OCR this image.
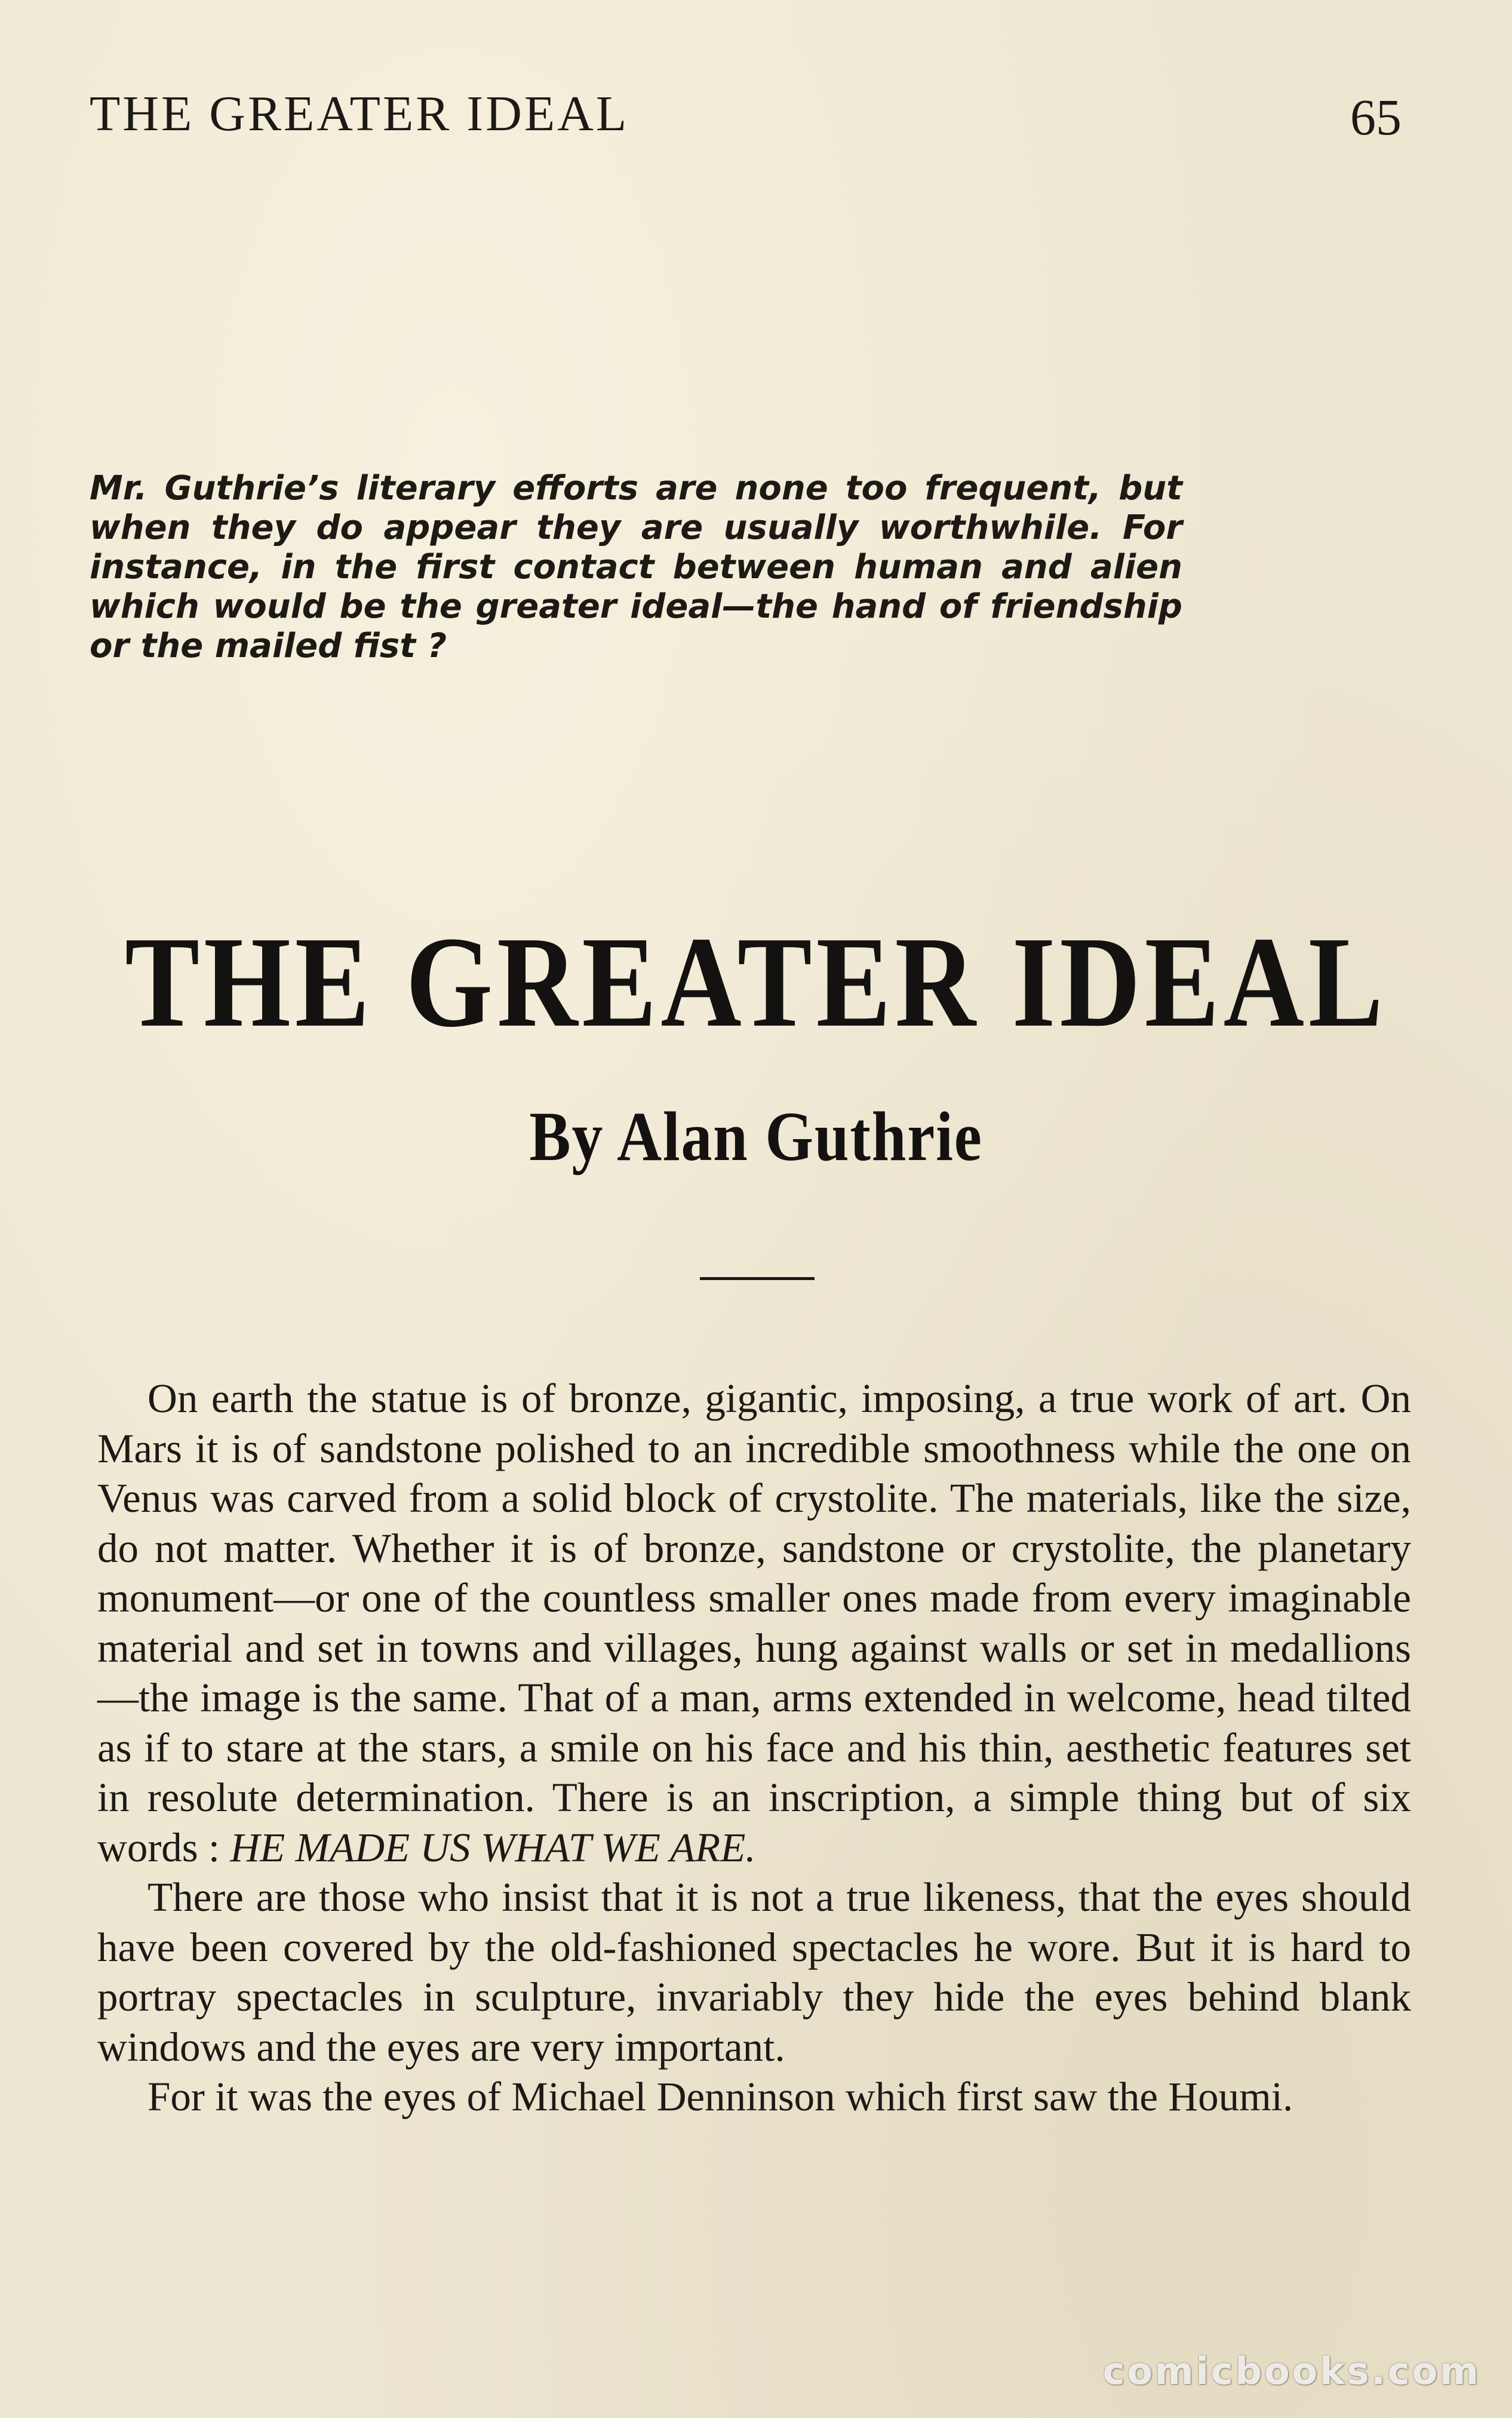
THE GREATER IDEAL	65
Mr. Guthrie’s literary efforts are none too frequent, but when they do appear they are usually worthwhile. For instance, in the first contact between human and alien which would be the greater ideal—the hand of friendship or the mailed fist ?
THE GREATER IDEAL
By Alan Guthrie

On earth the statue is of bronze, gigantic, imposing, a true work of art. On Mars it is of sandstone polished to an incredible smoothness while the one on Venus was carved from a solid block of crystolite. The materials, like the size, do not matter. Whether it is of bronze, sandstone or crystolite, the planetary monument—or one of the countless smaller ones made from every imaginable material and set in towns and villages, hung against walls or set in medallions—the image is the same. That of a man, arms extended in welcome, head tilted as if to stare at the stars, a smile on his face and his thin, aesthetic features set in resolute determination. There is an inscription, a simple thing but of six words : HE MADE US WHAT WE ARE.

There are those who insist that it is not a true likeness, that the eyes should have been covered by the old-fashioned spectacles he wore. But it is hard to portray spectacles in sculpture, invariably they hide the eyes behind blank windows and the eyes are very important.

For it was the eyes of Michael Denninson which first saw the Houmi.

comicbooks.com
